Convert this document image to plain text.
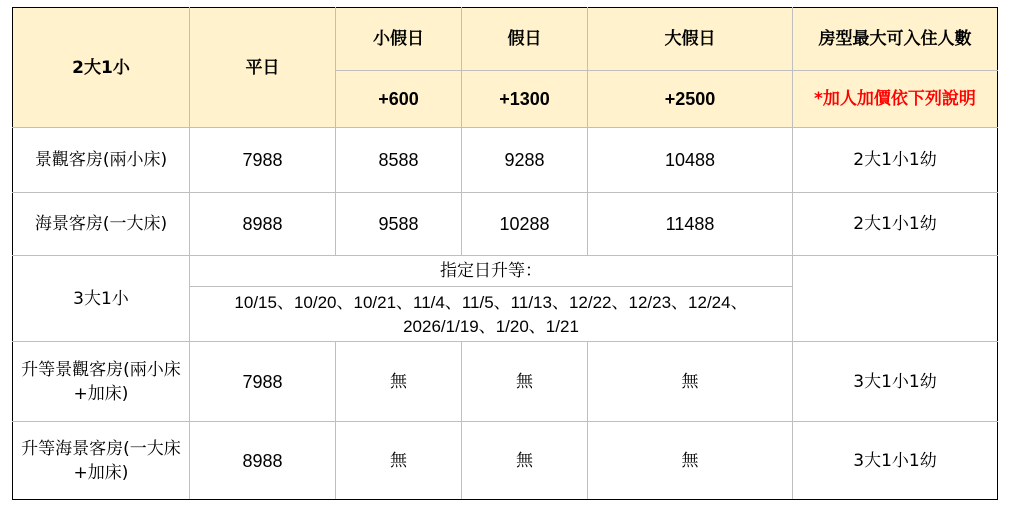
2大1小	平日	小假日	假日	大假日	房型最大可入住人數
		+600	+1300	+2500	*加人加價依下列說明
景觀客房(兩小床)	7988	8588	9288	10488	2大1小1幼
海景客房(一大床)	8988	9588	10288	11488	2大1小1幼
3大1小	指定日升等：
10/15、10/20、10/21、11/4、11/5、11/13、12/22、12/23、12/24、2026/1/19、1/20、1/21				

升等景觀客房(兩小床+加床)	7988	無	無	無	3大1小1幼
升等海景客房(一大床+加床)	8988	無	無	無	3大1小1幼
